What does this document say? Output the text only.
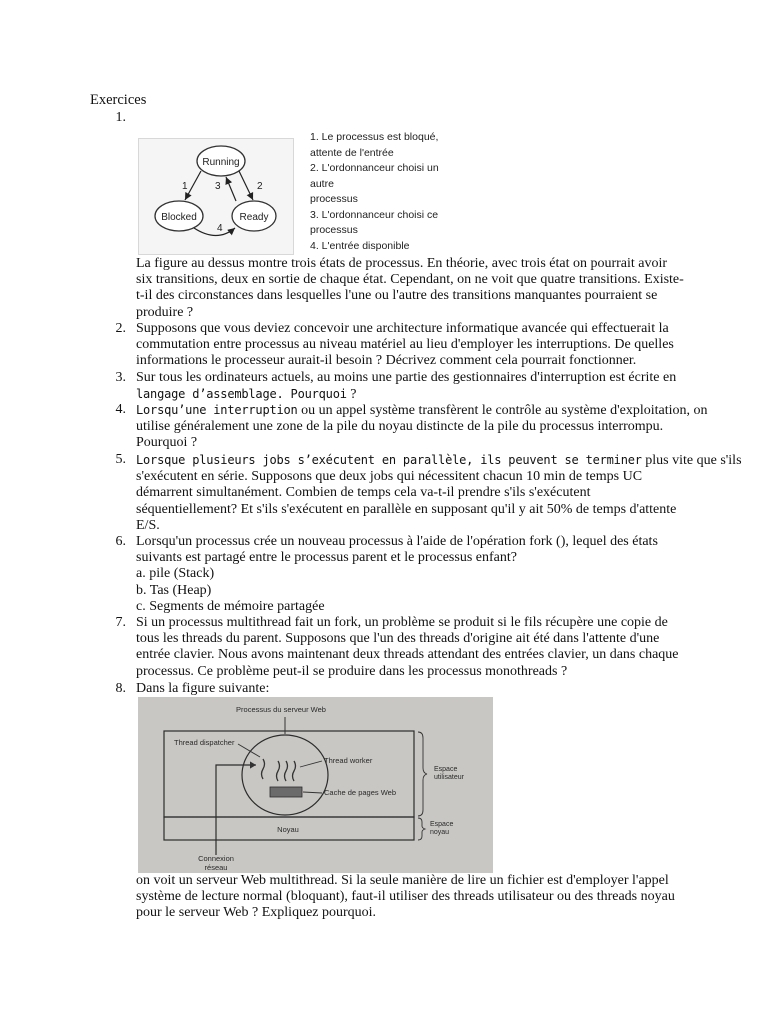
Exercices
1.
Running
Blocked	Ready
1	3	2
4
1. Le processus est bloqué,
attente de l'entrée
2. L'ordonnanceur choisi un
autre
processus
3. L'ordonnanceur choisi ce
processus
4. L'entrée disponible
La figure au dessus montre trois états de processus. En théorie, avec trois état on pourrait avoir
six transitions, deux en sortie de chaque état. Cependant, on ne voit que quatre transitions. Existe-
t-il des circonstances dans lesquelles l'une ou l'autre des transitions manquantes pourraient se
produire ?
2. Supposons que vous deviez concevoir une architecture informatique avancée qui effectuerait la
commutation entre processus au niveau matériel au lieu d'employer les interruptions. De quelles
informations le processeur aurait-il besoin ? Décrivez comment cela pourrait fonctionner.
3. Sur tous les ordinateurs actuels, au moins une partie des gestionnaires d'interruption est écrite en
langage d’assemblage. Pourquoi ?
4. Lorsqu’une interruption ou un appel système transfèrent le contrôle au système d'exploitation, on
utilise généralement une zone de la pile du noyau distincte de la pile du processus interrompu.
Pourquoi ?
5. Lorsque plusieurs jobs s’exécutent en parallèle, ils peuvent se terminer plus vite que s'ils
s'exécutent en série. Supposons que deux jobs qui nécessitent chacun 10 min de temps UC
démarrent simultanément. Combien de temps cela va-t-il prendre s'ils s'exécutent
séquentiellement? Et s'ils s'exécutent en parallèle en supposant qu'il y ait 50% de temps d'attente
E/S.
6. Lorsqu'un processus crée un nouveau processus à l'aide de l'opération fork (), lequel des états
suivants est partagé entre le processus parent et le processus enfant?
a. pile (Stack)
b. Tas (Heap)
c. Segments de mémoire partagée
7. Si un processus multithread fait un fork, un problème se produit si le fils récupère une copie de
tous les threads du parent. Supposons que l'un des threads d'origine ait été dans l'attente d'une
entrée clavier. Nous avons maintenant deux threads attendant des entrées clavier, un dans chaque
processus. Ce problème peut-il se produire dans les processus monothreads ?
8. Dans la figure suivante:
Processus du serveur Web
Thread dispatcher
Thread worker
Cache de pages Web
Noyau
Espace
utilisateur
Espace
noyau
Connexion
réseau
on voit un serveur Web multithread. Si la seule manière de lire un fichier est d'employer l'appel
système de lecture normal (bloquant), faut-il utiliser des threads utilisateur ou des threads noyau
pour le serveur Web ? Expliquez pourquoi.
